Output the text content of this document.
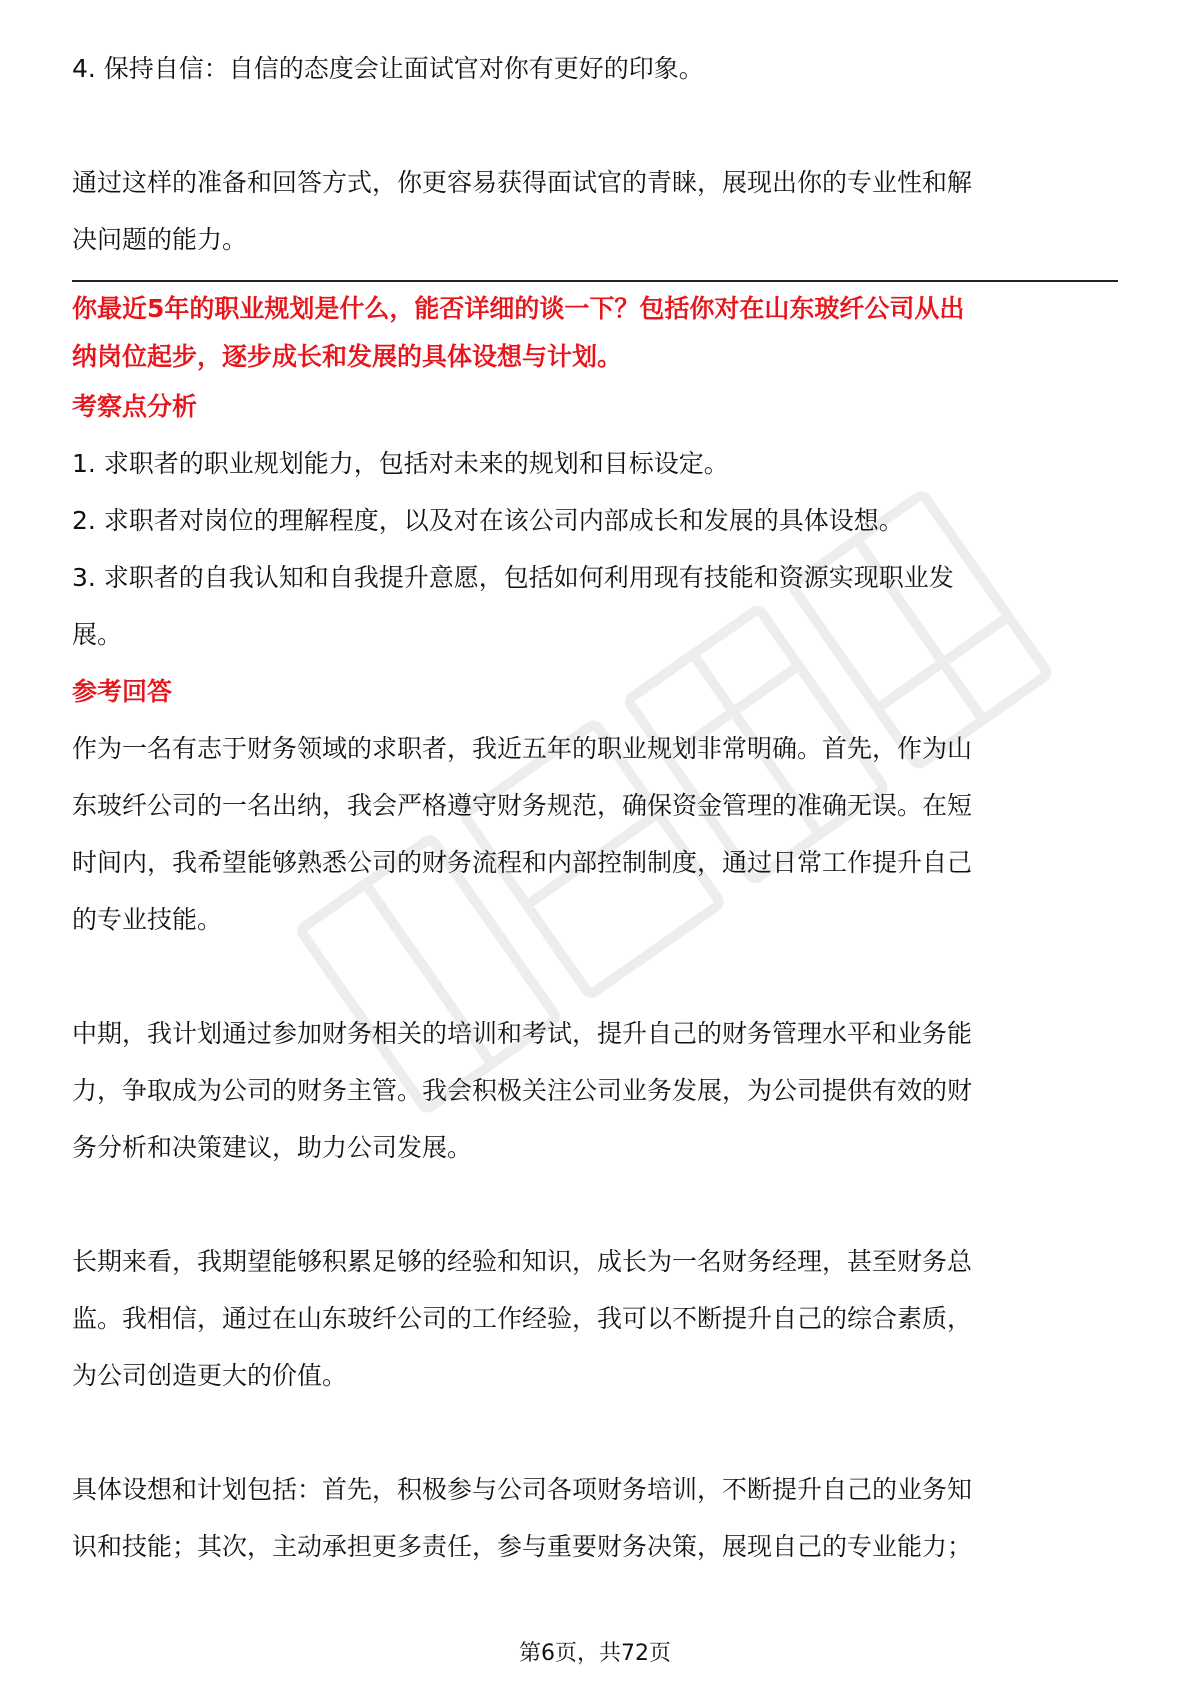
4. 保持自信：自信的态度会让面试官对你有更好的印象。

通过这样的准备和回答方式，你更容易获得面试官的青睐，展现出你的专业性和解

决问题的能力。

你最近5年的职业规划是什么，能否详细的谈一下？包括你对在山东玻纤公司从出

纳岗位起步，逐步成长和发展的具体设想与计划。

考察点分析

1. 求职者的职业规划能力，包括对未来的规划和目标设定。

2. 求职者对岗位的理解程度，以及对在该公司内部成长和发展的具体设想。

3. 求职者的自我认知和自我提升意愿，包括如何利用现有技能和资源实现职业发

展。

参考回答

作为一名有志于财务领域的求职者，我近五年的职业规划非常明确。首先，作为山

东玻纤公司的一名出纳，我会严格遵守财务规范，确保资金管理的准确无误。在短

时间内，我希望能够熟悉公司的财务流程和内部控制制度，通过日常工作提升自己

的专业技能。

中期，我计划通过参加财务相关的培训和考试，提升自己的财务管理水平和业务能

力，争取成为公司的财务主管。我会积极关注公司业务发展，为公司提供有效的财

务分析和决策建议，助力公司发展。

长期来看，我期望能够积累足够的经验和知识，成长为一名财务经理，甚至财务总

监。我相信，通过在山东玻纤公司的工作经验，我可以不断提升自己的综合素质，

为公司创造更大的价值。

具体设想和计划包括：首先，积极参与公司各项财务培训，不断提升自己的业务知

识和技能；其次，主动承担更多责任，参与重要财务决策，展现自己的专业能力；

第6页，共72页
